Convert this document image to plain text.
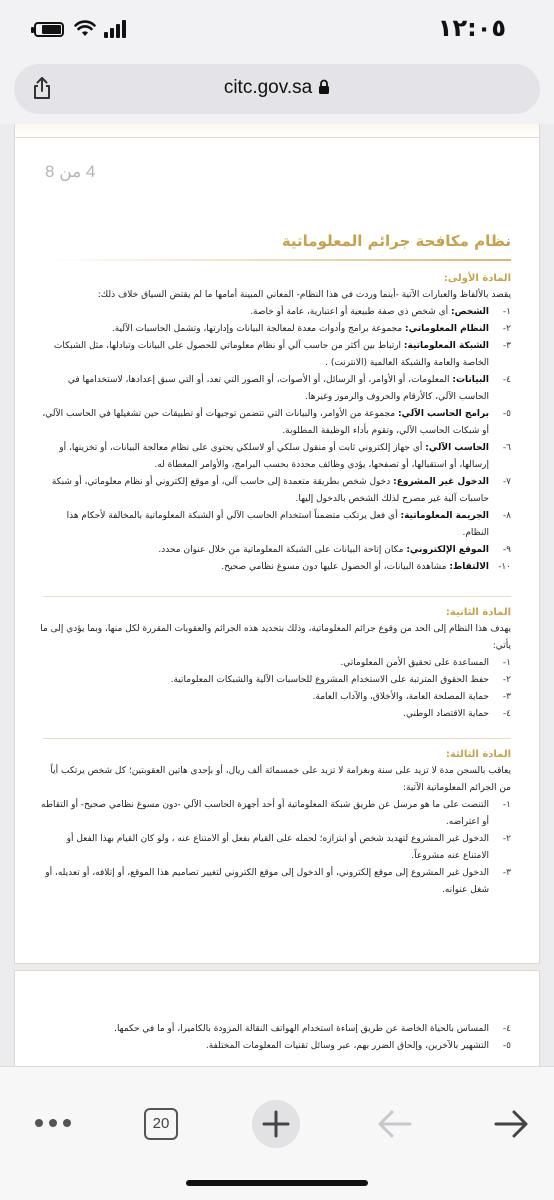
١٢:٠٥
citc.gov.sa
4 من 8
نظام مكافحة جرائم المعلوماتية
المادة الأولى:
يقصد بالألفاظ والعبارات الآتية -أينما وردت في هذا النظام- المعاني المبينة أمامها ما لم يقتض السياق خلاف ذلك:
١-
الشخص: أي شخص ذي صفة طبيعية أو اعتبارية، عامة أو خاصة.
٢-
النظام المعلوماتي: مجموعة برامج وأدوات معدة لمعالجة البيانات وإدارتها، وتشمل الحاسبات الآلية.
٣-
الشبكة المعلوماتية: ارتباط بين أكثر من حاسب آلي أو نظام معلوماتي للحصول على البيانات وتبادلها، مثل الشبكات الخاصة والعامة والشبكة العالمية (الانترنت) .
٤-
البيانات: المعلومات، أو الأوامر، أو الرسائل، أو الأصوات، أو الصور التي تعد، أو التي سبق إعدادها، لاستخدامها في الحاسب الآلي، كالأرقام والحروف والرموز وغيرها.
٥-
برامج الحاسب الآلي: مجموعة من الأوامر، والبيانات التي تتضمن توجيهات أو تطبيقات حين تشغيلها في الحاسب الآلي، أو شبكات الحاسب الآلي، وتقوم بأداء الوظيفة المطلوبة.
٦-
الحاسب الآلي: أي جهاز إلكتروني ثابت أو منقول سلكي أو لاسلكي يحتوي على نظام معالجة البيانات، أو تخزينها، أو إرسالها، أو استقبالها، أو تصفحها، يؤدي وظائف محددة بحسب البرامج، والأوامر المعطاة له.
٧-
الدخول غير المشروع: دخول شخص بطريقة متعمدة إلى حاسب آلي، أو موقع إلكتروني أو نظام معلوماتي، أو شبكة حاسبات آلية غير مصرح لذلك الشخص بالدخول إليها.
٨-
الجريمة المعلوماتية: أي فعل يرتكب متضمناً استخدام الحاسب الآلي أو الشبكة المعلوماتية بالمخالفة لأحكام هذا النظام.
٩-
الموقع الإلكتروني: مكان إتاحة البيانات على الشبكة المعلوماتية من خلال عنوان محدد.
١٠-
الالتقاط: مشاهدة البيانات، أو الحصول عليها دون مسوغ نظامي صحيح.
المادة الثانية:
يهدف هذا النظام إلى الحد من وقوع جرائم المعلوماتية، وذلك بتحديد هذه الجرائم والعقوبات المقررة لكل منها، وبما يؤدي إلى ما يأتي:
١-
المساعدة على تحقيق الأمن المعلوماتي.
٢-
حفظ الحقوق المترتبة على الاستخدام المشروع للحاسبات الآلية والشبكات المعلوماتية.
٣-
حماية المصلحة العامة، والأخلاق، والآداب العامة.
٤-
حماية الاقتصاد الوطني.
المادة الثالثة:
يعاقب بالسجن مدة لا تزيد على سنة وبغرامة لا تزيد على خمسمائة ألف ريال، أو بإحدى هاتين العقوبتين؛ كل شخص يرتكب أياً من الجرائم المعلوماتية الآتية:
١-
التنصت على ما هو مرسل عن طريق شبكة المعلوماتية أو أحد أجهزة الحاسب الآلي -دون مسوغ نظامي صحيح- أو التقاطه أو اعتراضه.
٢-
الدخول غير المشروع لتهديد شخص أو ابتزازه؛ لحمله على القيام بفعل أو الامتناع عنه ، ولو كان القيام بهذا الفعل أو الامتناع عنه مشروعاً.
٣-
الدخول غير المشروع إلى موقع إلكتروني، أو الدخول إلى موقع الكتروني لتغيير تصاميم هذا الموقع، أو إتلافه، أو تعديله، أو شغل عنوانه.
٤-
المساس بالحياة الخاصة عن طريق إساءة استخدام الهواتف النقالة المزودة بالكاميرا، أو ما في حكمها.
٥-
التشهير بالآخرين، وإلحاق الضرر بهم، عبر وسائل تقنيات المعلومات المختلفة.
20
